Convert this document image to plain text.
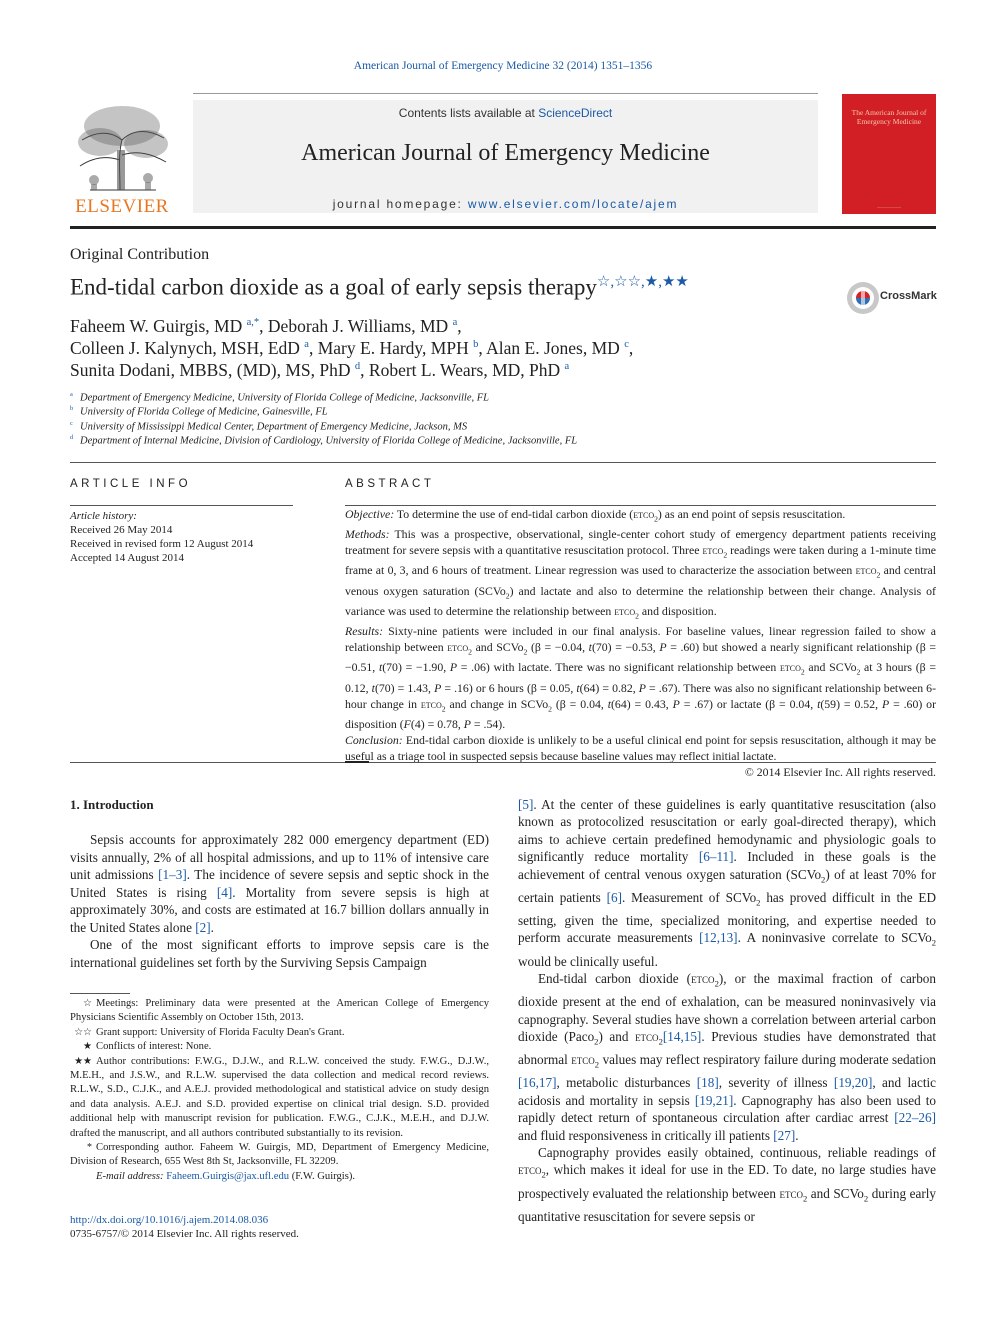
American Journal of Emergency Medicine 32 (2014) 1351–1356
ELSEVIER
Contents lists available at ScienceDirect
American Journal of Emergency Medicine
journal homepage: www.elsevier.com/locate/ajem
The American Journal of Emergency Medicine
——————
Original Contribution
End-tidal carbon dioxide as a goal of early sepsis therapy☆,☆☆,★,★★
CrossMark
Faheem W. Guirgis, MD $^{a,*}$, Deborah J. Williams, MD $^a$,
Colleen J. Kalynych, MSH, EdD $^a$, Mary E. Hardy, MPH $^b$, Alan E. Jones, MD $^c$,
Sunita Dodani, MBBS, (MD), MS, PhD $^d$, Robert L. Wears, MD, PhD $^a$
$^a$ Department of Emergency Medicine, University of Florida College of Medicine, Jacksonville, FL
$^b$ University of Florida College of Medicine, Gainesville, FL
$^c$ University of Mississippi Medical Center, Department of Emergency Medicine, Jackson, MS
$^d$ Department of Internal Medicine, Division of Cardiology, University of Florida College of Medicine, Jacksonville, FL
ARTICLE INFO
Article history:
Received 26 May 2014
Received in revised form 12 August 2014
Accepted 14 August 2014
ABSTRACT

Objective: To determine the use of end-tidal carbon dioxide (etco$_2$) as an end point of sepsis resuscitation.

Methods: This was a prospective, observational, single-center cohort study of emergency department patients receiving treatment for severe sepsis with a quantitative resuscitation protocol. Three etco$_2$ readings were taken during a 1-minute time frame at 0, 3, and 6 hours of treatment. Linear regression was used to characterize the association between etco$_2$ and central venous oxygen saturation (SCVo$_2$) and lactate and also to determine the relationship between their change. Analysis of variance was used to determine the relationship between etco$_2$ and disposition.

Results: Sixty-nine patients were included in our final analysis. For baseline values, linear regression failed to show a relationship between etco$_2$ and SCVo$_2$ (β = −0.04, t(70) = −0.53, P = .60) but showed a nearly significant relationship (β = −0.51, t(70) = −1.90, P = .06) with lactate. There was no significant relationship between etco$_2$ and SCVo$_2$ at 3 hours (β = 0.12, t(70) = 1.43, P = .16) or 6 hours (β = 0.05, t(64) = 0.82, P = .67). There was also no significant relationship between 6-hour change in etco$_2$ and change in SCVo$_2$ (β = 0.04, t(64) = 0.43, P = .67) or lactate (β = 0.04, t(59) = 0.52, P = .60) or disposition (F(4) = 0.78, P = .54).

Conclusion: End-tidal carbon dioxide is unlikely to be a useful clinical end point for sepsis resuscitation, although it may be useful as a triage tool in suspected sepsis because baseline values may reflect initial lactate.

© 2014 Elsevier Inc. All rights reserved.

1. Introduction

Sepsis accounts for approximately 282 000 emergency department (ED) visits annually, 2% of all hospital admissions, and up to 11% of intensive care unit admissions [1–3]. The incidence of severe sepsis and septic shock in the United States is rising [4]. Mortality from severe sepsis is high at approximately 30%, and costs are estimated at 16.7 billion dollars annually in the United States alone [2].

One of the most significant efforts to improve sepsis care is the international guidelines set forth by the Surviving Sepsis Campaign

☆ Meetings: Preliminary data were presented at the American College of Emergency Physicians Scientific Assembly on October 15th, 2013.

☆☆ Grant support: University of Florida Faculty Dean's Grant.

★ Conflicts of interest: None.

★★ Author contributions: F.W.G., D.J.W., and R.L.W. conceived the study. F.W.G., D.J.W., M.E.H., and J.S.W., and R.L.W. supervised the data collection and medical record reviews. R.L.W., S.D., C.J.K., and A.E.J. provided methodological and statistical advice on study design and data analysis. A.E.J. and S.D. provided expertise on clinical trial design. S.D. provided additional help with manuscript revision for publication. F.W.G., C.J.K., M.E.H., and D.J.W. drafted the manuscript, and all authors contributed substantially to its revision.

* Corresponding author. Faheem W. Guirgis, MD, Department of Emergency Medicine, Division of Research, 655 West 8th St, Jacksonville, FL 32209.

E-mail address: Faheem.Guirgis@jax.ufl.edu (F.W. Guirgis).

[5]. At the center of these guidelines is early quantitative resuscitation (also known as protocolized resuscitation or early goal-directed therapy), which aims to achieve certain predefined hemodynamic and physiologic goals to significantly reduce mortality [6–11]. Included in these goals is the achievement of central venous oxygen saturation (SCVo$_2$) of at least 70% for certain patients [6]. Measurement of SCVo$_2$ has proved difficult in the ED setting, given the time, specialized monitoring, and expertise needed to perform accurate measurements [12,13]. A noninvasive correlate to SCVo$_2$ would be clinically useful.

End-tidal carbon dioxide (etco$_2$), or the maximal fraction of carbon dioxide present at the end of exhalation, can be measured noninvasively via capnography. Several studies have shown a correlation between arterial carbon dioxide (Paco$_2$) and etco$_2$[14,15]. Previous studies have demonstrated that abnormal etco$_2$ values may reflect respiratory failure during moderate sedation [16,17], metabolic disturbances [18], severity of illness [19,20], and lactic acidosis and mortality in sepsis [19,21]. Capnography has also been used to rapidly detect return of spontaneous circulation after cardiac arrest [22–26] and fluid responsiveness in critically ill patients [27].

Capnography provides easily obtained, continuous, reliable readings of etco$_2$, which makes it ideal for use in the ED. To date, no large studies have prospectively evaluated the relationship between etco$_2$ and SCVo$_2$ during early quantitative resuscitation for severe sepsis or

http://dx.doi.org/10.1016/j.ajem.2014.08.036
0735-6757/© 2014 Elsevier Inc. All rights reserved.
